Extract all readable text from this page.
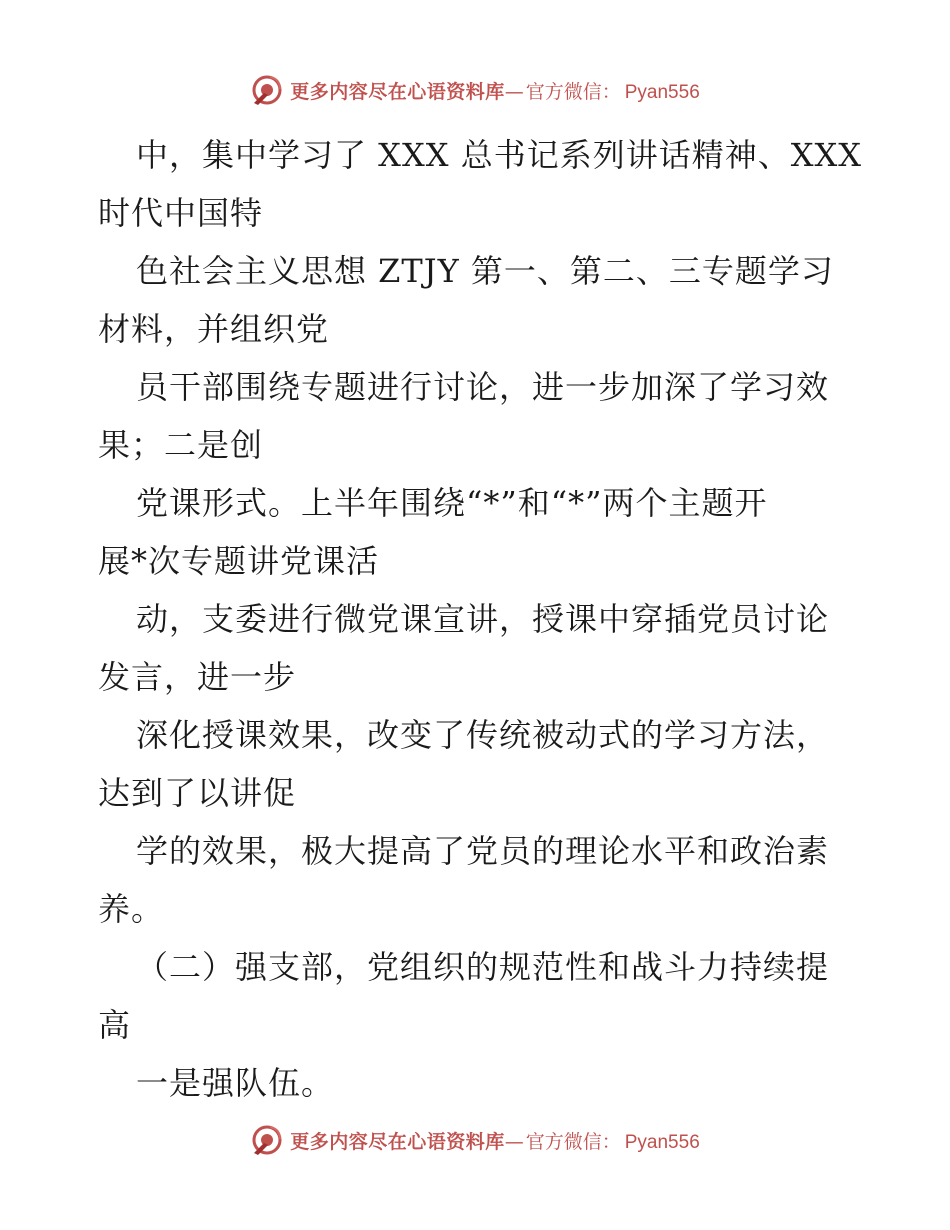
更多内容尽在心语资料库 — 官方微信： Pyan556
中，集中学习了 XXX 总书记系列讲话精神、XXX
时代中国特
色社会主义思想 ZTJY 第一、第二、三专题学习
材料，并组织党
员干部围绕专题进行讨论，进一步加深了学习效
果；二是创
党课形式。上半年围绕“*”和“*”两个主题开
展*次专题讲党课活
动，支委进行微党课宣讲，授课中穿插党员讨论
发言，进一步
深化授课效果，改变了传统被动式的学习方法，
达到了以讲促
学的效果，极大提高了党员的理论水平和政治素
养。
（二）强支部，党组织的规范性和战斗力持续提
高
一是强队伍。
更多内容尽在心语资料库 — 官方微信： Pyan556
